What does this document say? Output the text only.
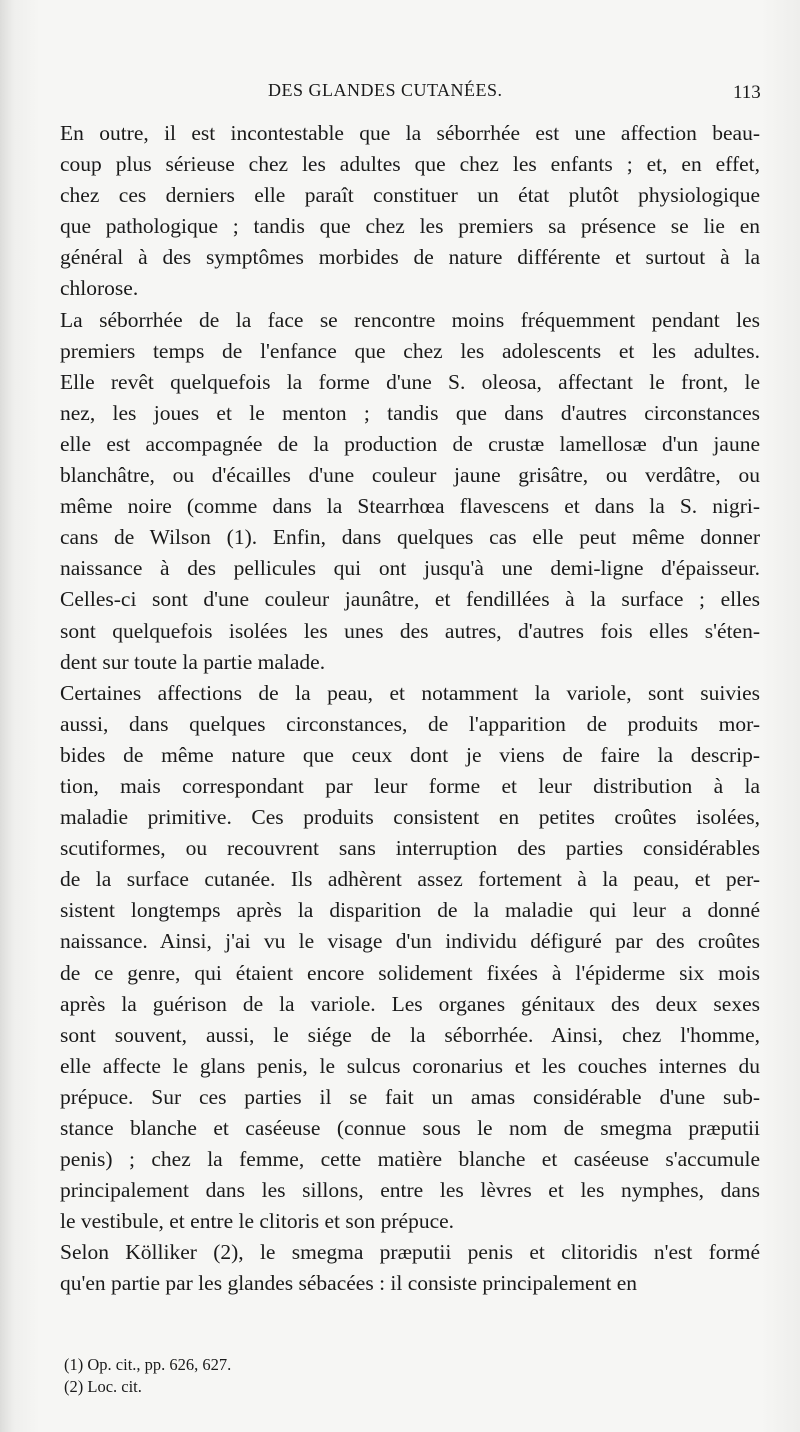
DES GLANDES CUTANÉES.	113
En outre, il est incontestable que la séborrhée est une affection beau-
coup plus sérieuse chez les adultes que chez les enfants ; et, en effet,
chez ces derniers elle paraît constituer un état plutôt physiologique
que pathologique ; tandis que chez les premiers sa présence se lie en
général à des symptômes morbides de nature différente et surtout à la
chlorose.
La séborrhée de la face se rencontre moins fréquemment pendant les
premiers temps de l'enfance que chez les adolescents et les adultes.
Elle revêt quelquefois la forme d'une S. oleosa, affectant le front, le
nez, les joues et le menton ; tandis que dans d'autres circonstances
elle est accompagnée de la production de crustæ lamellosæ d'un jaune
blanchâtre, ou d'écailles d'une couleur jaune grisâtre, ou verdâtre, ou
même noire (comme dans la Stearrhœa flavescens et dans la S. nigri-
cans de Wilson (1). Enfin, dans quelques cas elle peut même donner
naissance à des pellicules qui ont jusqu'à une demi-ligne d'épaisseur.
Celles-ci sont d'une couleur jaunâtre, et fendillées à la surface ; elles
sont quelquefois isolées les unes des autres, d'autres fois elles s'éten-
dent sur toute la partie malade.
Certaines affections de la peau, et notamment la variole, sont suivies
aussi, dans quelques circonstances, de l'apparition de produits mor-
bides de même nature que ceux dont je viens de faire la descrip-
tion, mais correspondant par leur forme et leur distribution à la
maladie primitive. Ces produits consistent en petites croûtes isolées,
scutiformes, ou recouvrent sans interruption des parties considérables
de la surface cutanée. Ils adhèrent assez fortement à la peau, et per-
sistent longtemps après la disparition de la maladie qui leur a donné
naissance. Ainsi, j'ai vu le visage d'un individu défiguré par des croûtes
de ce genre, qui étaient encore solidement fixées à l'épiderme six mois
après la guérison de la variole. Les organes génitaux des deux sexes
sont souvent, aussi, le siége de la séborrhée. Ainsi, chez l'homme,
elle affecte le glans penis, le sulcus coronarius et les couches internes du
prépuce. Sur ces parties il se fait un amas considérable d'une sub-
stance blanche et caséeuse (connue sous le nom de smegma præputii
penis) ; chez la femme, cette matière blanche et caséeuse s'accumule
principalement dans les sillons, entre les lèvres et les nymphes, dans
le vestibule, et entre le clitoris et son prépuce.
Selon Kölliker (2), le smegma præputii penis et clitoridis n'est formé
qu'en partie par les glandes sébacées : il consiste principalement en
(1) Op. cit., pp. 626, 627.
(2) Loc. cit.
